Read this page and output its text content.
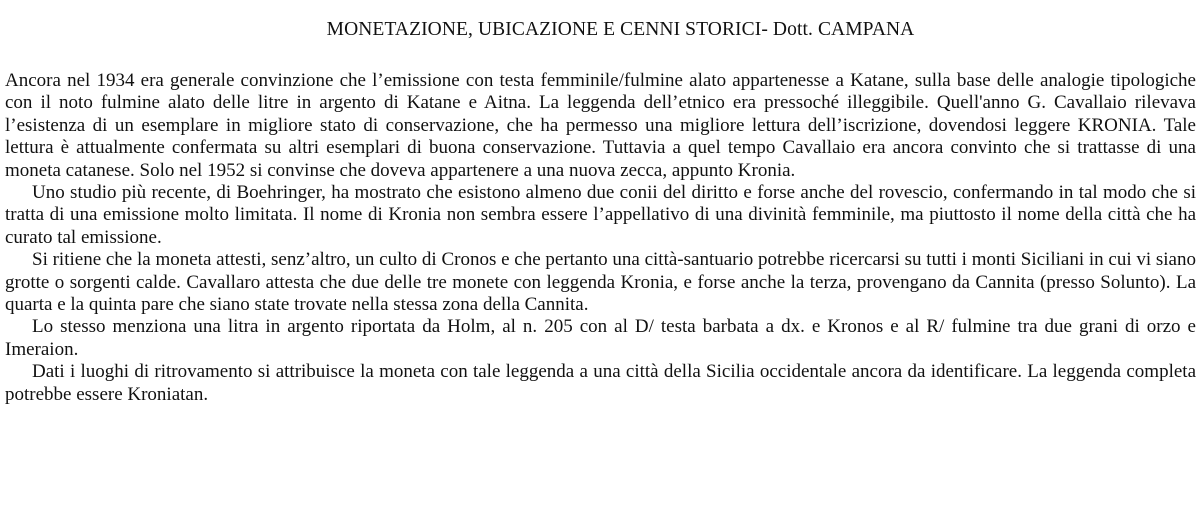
MONETAZIONE, UBICAZIONE E CENNI STORICI- Dott. CAMPANA

Ancora nel 1934 era generale convinzione che l’emissione con testa femminile/fulmine alato appartenesse a Katane, sulla base delle analogie tipologiche con il noto fulmine alato delle litre in argento di Katane e Aitna. La leggenda dell’etnico era pressoché illeggibile. Quell'anno G. Cavallaio rilevava l’esistenza di un esemplare in migliore stato di conservazione, che ha permesso una migliore lettura dell’iscrizione, dovendosi leggere KRONIA. Tale lettura è attualmente confermata su altri esemplari di buona conservazione. Tuttavia a quel tempo Cavallaio era ancora convinto che si trattasse di una moneta catanese. Solo nel 1952 si convinse che doveva appartenere a una nuova zecca, appunto Kronia.

Uno studio più recente, di Boehringer, ha mostrato che esistono almeno due conii del diritto e forse anche del rovescio, confermando in tal modo che si tratta di una emissione molto limitata. Il nome di Kronia non sembra essere l’appellativo di una divinità femminile, ma piuttosto il nome della città che ha curato tal emissione.

Si ritiene che la moneta attesti, senz’altro, un culto di Cronos e che pertanto una città-santuario potrebbe ricercarsi su tutti i monti Siciliani in cui vi siano grotte o sorgenti calde. Cavallaro attesta che due delle tre monete con leggenda Kronia, e forse anche la terza, provengano da Cannita (presso Solunto). La quarta e la quinta pare che siano state trovate nella stessa zona della Cannita.

Lo stesso menziona una litra in argento riportata da Holm, al n. 205 con al D/ testa barbata a dx. e Kronos e al R/ fulmine tra due grani di orzo e Imeraion.

Dati i luoghi di ritrovamento si attribuisce la moneta con tale leggenda a una città della Sicilia occidentale ancora da identificare. La leggenda completa potrebbe essere Kroniatan.
